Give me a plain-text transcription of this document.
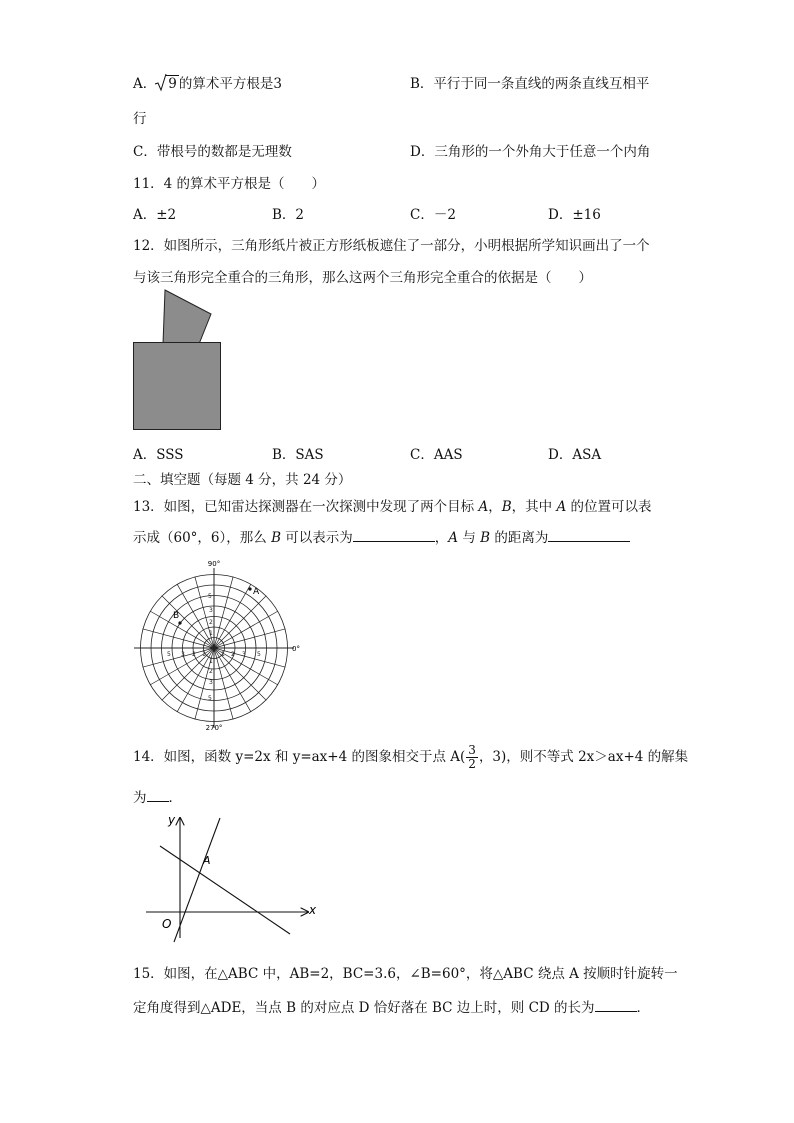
A． 9 的算术平方根是3	B．平行于同一条直线的两条直线互相平
行
C．带根号的数都是无理数	D．三角形的一个外角大于任意一个内角
11．4 的算术平方根是（　　）
A．±2	B．2	C．－2	D．±16
12．如图所示，三角形纸片被正方形纸板遮住了一部分，小明根据所学知识画出了一个
与该三角形完全重合的三角形，那么这两个三角形完全重合的依据是（　　）
A．SSS	B．SAS	C．AAS	D．ASA
二、填空题（每题 4 分，共 24 分）
13．如图，已知雷达探测器在一次探测中发现了两个目标 A，B，其中 A 的位置可以表
示成（60°，6），那么 B 可以表示为	，A 与 B 的距离为
90°
0°
270°
A
B
5
3
2
1
1
2
3
5
1 2 3 5
1
2
3
5
14．如图，函数 y=2x 和 y=ax+4 的图象相交于点 $A( \frac{3}{2}$ ，3)，则不等式 2x＞ax+4 的解集
为 ．
y
x
O
A
15．如图，在△ABC 中，AB=2，BC=3.6，∠B=60°，将△ABC 绕点 A 按顺时针旋转一
定角度得到△ADE，当点 B 的对应点 D 恰好落在 BC 边上时，则 CD 的长为	．
